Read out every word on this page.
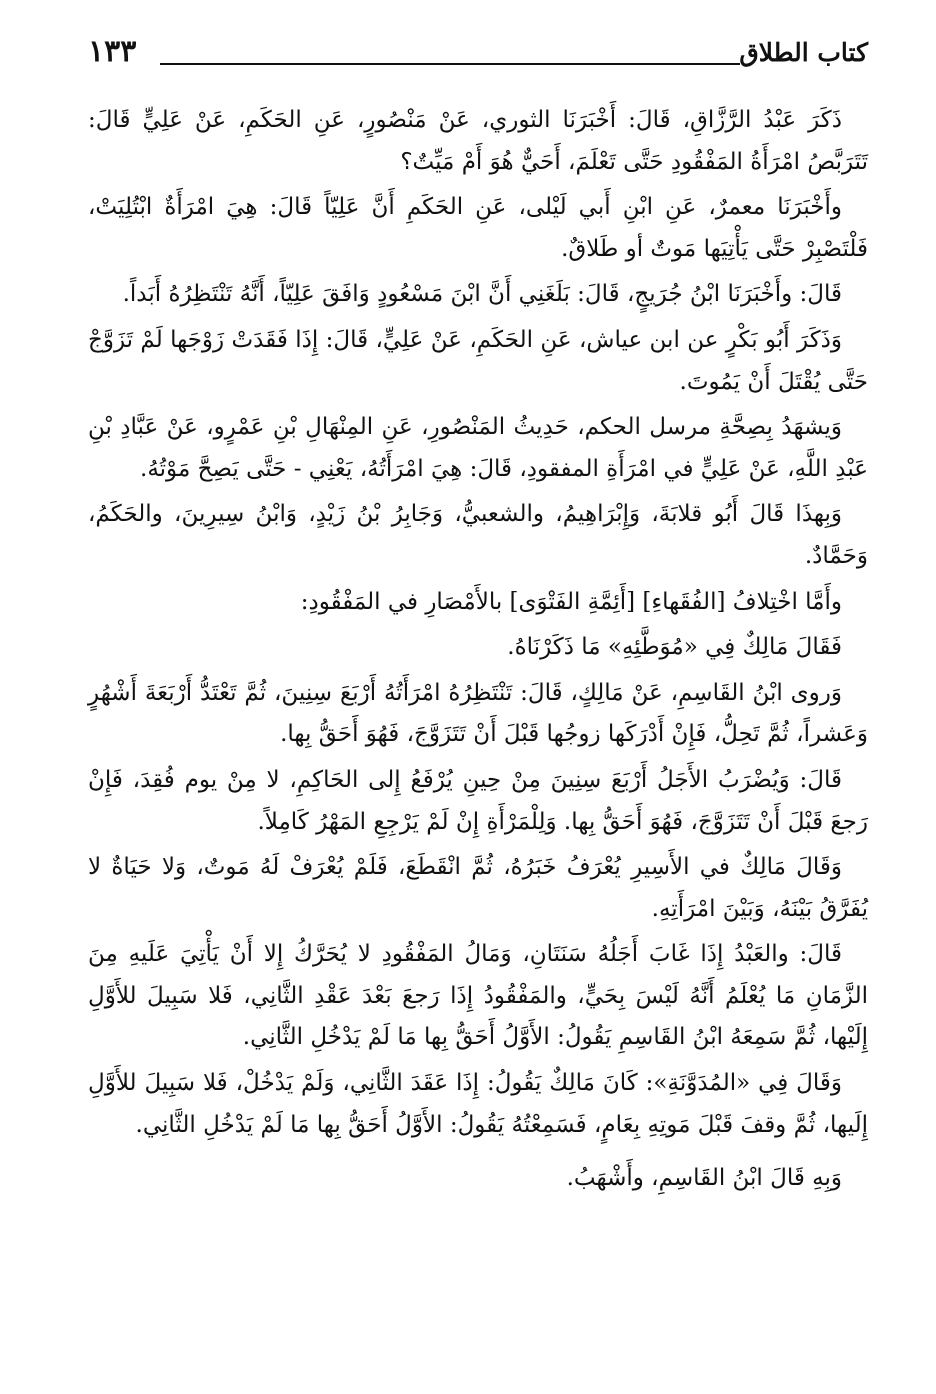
١٣٣	كتاب الطلاق

ذَكَرَ عَبْدُ الرَّزَّاقِ، قَالَ: أَخْبَرَنَا الثوري، عَنْ مَنْصُورٍ، عَنِ الحَكَمِ، عَنْ عَلِيٍّ قَالَ: تَتَرَبَّصُ امْرَأَةُ المَفْقُودِ حَتَّى تَعْلَمَ، أَحَيٌّ هُوَ أَمْ مَيِّتٌ؟

وأَخْبَرَنَا معمرٌ، عَنِ ابْنِ أَبي لَيْلى، عَنِ الحَكَمِ أَنَّ عَلِيّاً قَالَ: هِيَ امْرَأَةٌ ابْتُلِيَتْ، فَلْتَصْبِرْ حَتَّى يَأْتِيَها مَوتٌ أو طَلاقٌ.

قَالَ: وأَخْبَرَنَا ابْنُ جُرَيجٍ، قَالَ: بَلَغَنِي أَنَّ ابْنَ مَسْعُودٍ وَافَقَ عَلِيّاً، أَنَّهُ تَنْتَظِرُهُ أَبَداً.

وَذَكَرَ أَبُو بَكْرٍ عن ابن عياش، عَنِ الحَكَمِ، عَنْ عَلِيٍّ، قَالَ: إِذَا فَقَدَتْ زَوْجَها لَمْ تَزَوَّجْ حَتَّى يُقْتَلَ أَنْ يَمُوتَ.

وَيشهَدُ بِصِحَّةِ مرسل الحكم، حَدِيثُ المَنْصُورِ، عَنِ المِنْهَالِ بْنِ عَمْرٍو، عَنْ عَبَّادِ بْنِ عَبْدِ اللَّهِ، عَنْ عَلِيٍّ في امْرَأَةِ المفقودِ، قَالَ: هِيَ امْرَأَتُهُ، يَعْنِي - حَتَّى يَصِحَّ مَوْتُهُ.

وَبِهذَا قَالَ أَبُو قلابَةَ، وَإِبْرَاهِيمُ، والشعبيُّ، وَجَابِرُ بْنُ زَيْدٍ، وَابْنُ سِيرِينَ، والحَكَمُ، وَحَمَّادٌ.

وأَمَّا اخْتِلافُ [الفُقَهاءِ] [أَئِمَّةِ الفَتْوَى] بالأَمْصَارِ في المَفْقُودِ:

فَقَالَ مَالِكٌ فِي «مُوَطَّئِهِ» مَا ذَكَرْنَاهُ.

وَروى ابْنُ القَاسِمِ، عَنْ مَالِكٍ، قَالَ: تَنْتَظِرُهُ امْرَأَتُهُ أَرْبَعَ سِنِينَ، ثُمَّ تَعْتَدُّ أَرْبَعَةَ أَشْهُرٍ وَعَشراً، ثُمَّ تَحِلُّ، فَإِنْ أَدْرَكَها زوجُها قَبْلَ أَنْ تَتَزَوَّجَ، فَهُوَ أَحَقُّ بِها.

قَالَ: وَيُضْرَبُ الأَجَلُ أَرْبَعَ سِنِينَ مِنْ حِينِ يُرْفَعُ إِلى الحَاكِمِ، لا مِنْ يوم فُقِدَ، فَإِنْ رَجعَ قَبْلَ أَنْ تَتَزَوَّجَ، فَهُوَ أَحَقُّ بِها. وَلِلْمَرْأَةِ إِنْ لَمْ يَرْجِعِ المَهْرُ كَامِلاً.

وَقَالَ مَالِكٌ في الأَسِيرِ يُعْرَفُ خَبَرُهُ، ثُمَّ انْقَطَعَ، فَلَمْ يُعْرَفْ لَهُ مَوتٌ، وَلا حَيَاةٌ لا يُفَرَّقُ بَيْنَهُ، وَبَيْنَ امْرَأَتِهِ.

قَالَ: والعَبْدُ إِذَا غَابَ أَجَلُهُ سَنَتَانِ، وَمَالُ المَفْقُودِ لا يُحَرَّكُ إِلا أَنْ يَأْتِيَ عَلَيهِ مِنَ الزَّمَانِ مَا يُعْلَمُ أَنَّهُ لَيْسَ بِحَيٍّ، والمَفْقُودُ إِذَا رَجعَ بَعْدَ عَقْدِ الثَّانِي، فَلا سَبِيلَ للأَوَّلِ إِلَيْها، ثُمَّ سَمِعَهُ ابْنُ القَاسِمِ يَقُولُ: الأَوَّلُ أَحَقُّ بِها مَا لَمْ يَدْخُلِ الثَّانِي.

وَقَالَ فِي «المُدَوَّنَةِ»: كَانَ مَالِكٌ يَقُولُ: إِذَا عَقَدَ الثَّانِي، وَلَمْ يَدْخُلْ، فَلا سَبِيلَ للأَوَّلِ إِلَيها، ثُمَّ وقفَ قَبْلَ مَوتِهِ بِعَامٍ، فَسَمِعْتُهُ يَقُولُ: الأَوَّلُ أَحَقُّ بِها مَا لَمْ يَدْخُلِ الثَّانِي.

وَبِهِ قَالَ ابْنُ القَاسِمِ، وأَشْهَبُ.
